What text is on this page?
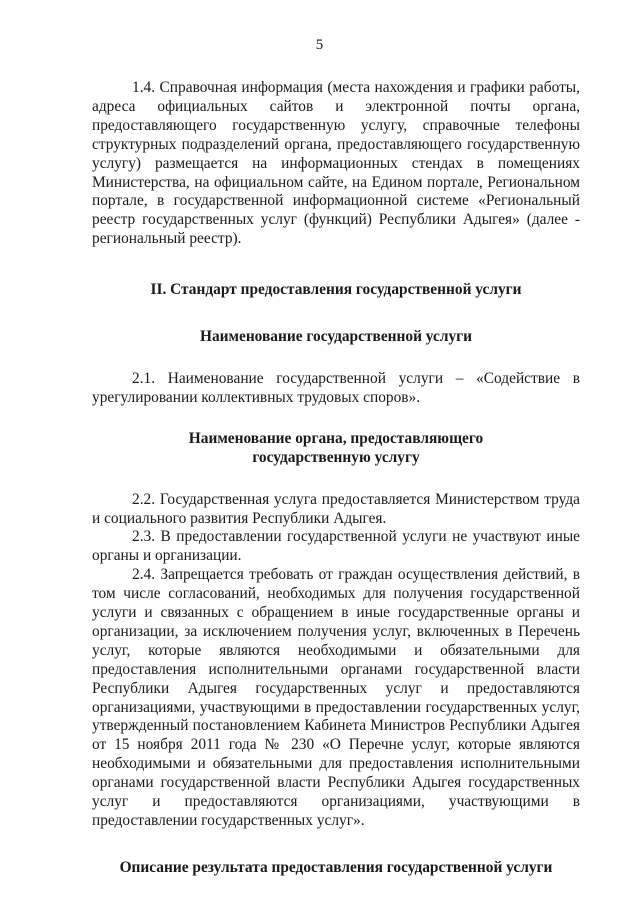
5

1.4. Справочная информация (места нахождения и графики работы, адреса официальных сайтов и электронной почты органа, предоставляющего государственную услугу, справочные телефоны структурных подразделений органа, предоставляющего государственную услугу) размещается на информационных стендах в помещениях Министерства, на официальном сайте, на Едином портале, Региональном портале, в государственной информационной системе «Региональный реестр государственных услуг (функций) Республики Адыгея» (далее - региональный реестр).

II. Стандарт предоставления государственной услуги

Наименование государственной услуги

2.1. Наименование государственной услуги – «Содействие в урегулировании коллективных трудовых споров».

Наименование органа, предоставляющего
государственную услугу

2.2. Государственная услуга предоставляется Министерством труда и социального развития Республики Адыгея.

2.3. В предоставлении государственной услуги не участвуют иные органы и организации.

2.4. Запрещается требовать от граждан осуществления действий, в том числе согласований, необходимых для получения государственной услуги и связанных с обращением в иные государственные органы и организации, за исключением получения услуг, включенных в Перечень услуг, которые являются необходимыми и обязательными для предоставления исполнительными органами государственной власти Республики Адыгея государственных услуг и предоставляются организациями, участвующими в предоставлении государственных услуг, утвержденный постановлением Кабинета Министров Республики Адыгея от 15 ноября 2011 года № 230 «О Перечне услуг, которые являются необходимыми и обязательными для предоставления исполнительными органами государственной власти Республики Адыгея государственных услуг и предоставляются организациями, участвующими в предоставлении государственных услуг».

Описание результата предоставления государственной услуги
